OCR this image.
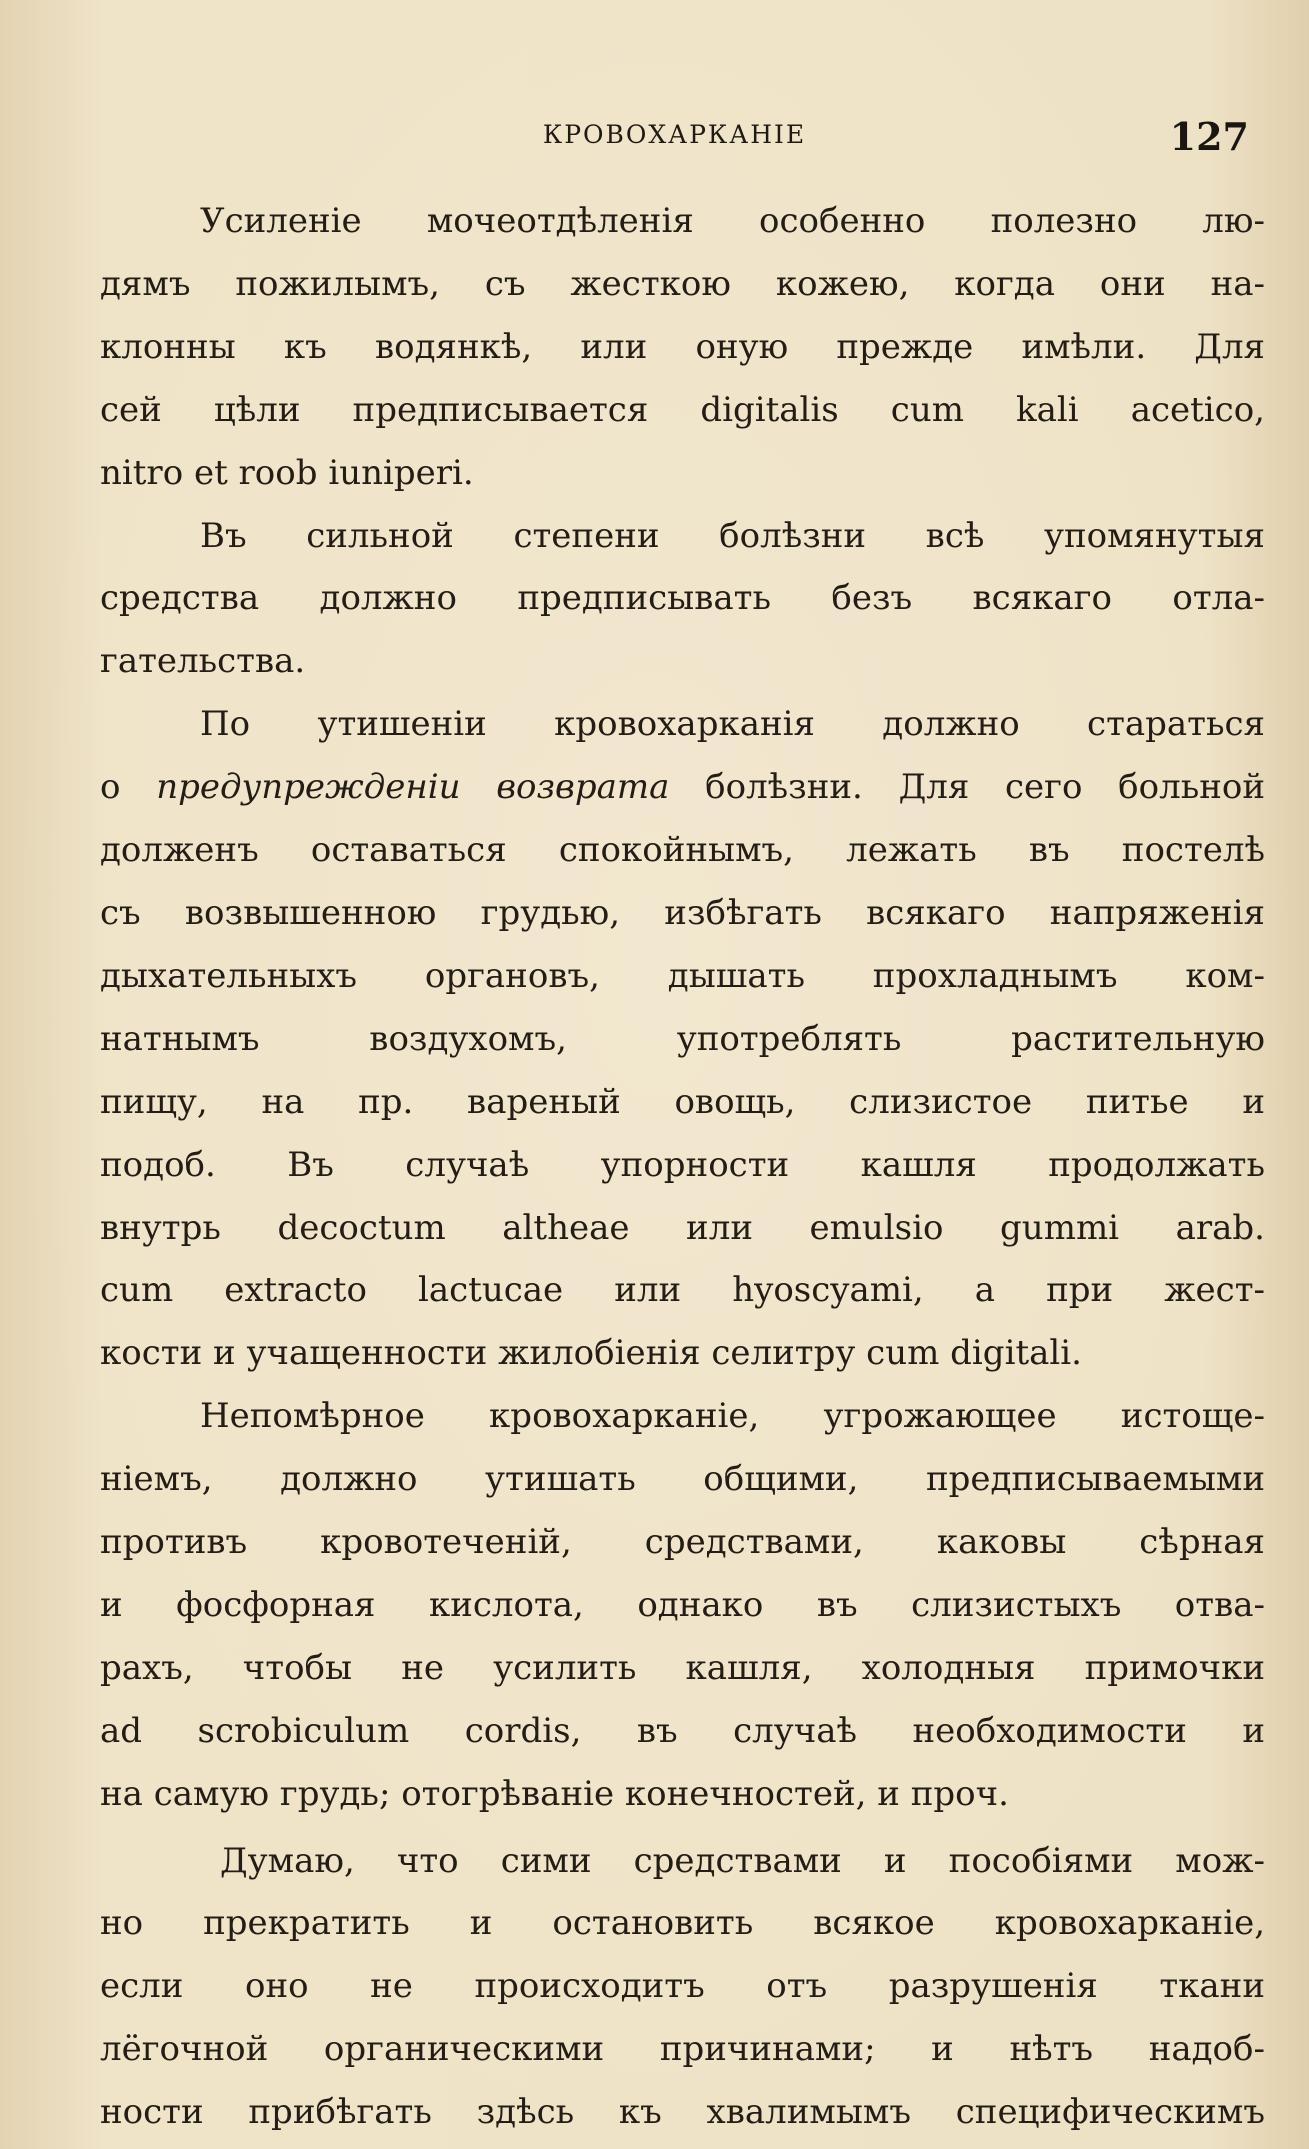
КРОВОХАРКАНІЕ	127
Усиленіе мочеотдѣленія особенно полезно лю-
дямъ пожилымъ, съ жесткою кожею, когда они на-
клонны къ водянкѣ, или оную прежде имѣли. Для
сей цѣли предписывается digitalis cum kali acetico,
nitro et roob iuniperi.
Въ сильной степени болѣзни всѣ упомянутыя
средства должно предписывать безъ всякаго отла-
гательства.
По утишеніи кровохарканія должно стараться
о предупрежденіи возврата болѣзни. Для сего больной
долженъ оставаться спокойнымъ, лежать въ постелѣ
съ возвышенною грудью, избѣгать всякаго напряженія
дыхательныхъ органовъ, дышать прохладнымъ ком-
натнымъ воздухомъ, употреблять растительную
пищу, на пр. вареный овощь, слизистое питье и
подоб. Въ случаѣ упорности кашля продолжать
внутрь decoctum altheae или emulsio gummi arab.
cum extracto lactucae или hyoscyami, а при жест-
кости и учащенности жилобіенія селитру cum digitali.
Непомѣрное кровохарканіе, угрожающее истоще-
ніемъ, должно утишать общими, предписываемыми
противъ кровотеченій, средствами, каковы сѣрная
и фосфорная кислота, однако въ слизистыхъ отва-
рахъ, чтобы не усилить кашля, холодныя примочки
ad scrobiculum cordis, въ случаѣ необходимости и
на самую грудь; отогрѣваніе конечностей, и проч.
Думаю, что сими средствами и пособіями мож-
но прекратить и остановить всякое кровохарканіе,
если оно не происходитъ отъ разрушенія ткани
лёгочной органическими причинами; и нѣтъ надоб-
ности прибѣгать здѣсь къ хвалимымъ специфическимъ
